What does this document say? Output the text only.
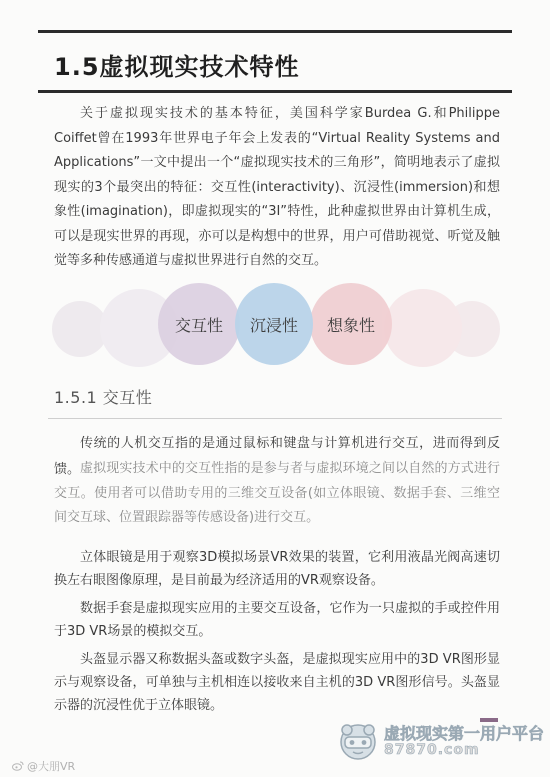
1.5虚拟现实技术特性

关于虚拟现实技术的基本特征，美国科学家Burdea G.和Philippe Coiffet曾在1993年世界电子年会上发表的“Virtual Reality Systems and Applications”一文中提出一个“虚拟现实技术的三角形”，简明地表示了虚拟现实的3个最突出的特征：交互性(interactivity)、沉浸性(immersion)和想象性(imagination)，即虚拟现实的“3I”特性，此种虚拟世界由计算机生成，可以是现实世界的再现，亦可以是构想中的世界，用户可借助视觉、听觉及触觉等多种传感通道与虚拟世界进行自然的交互。

交互性	想象性
沉浸性
1.5.1 交互性

传统的人机交互指的是通过鼠标和键盘与计算机进行交互，进而得到反馈。 虚拟现实技术中的交互性指的是参与者与虚拟环境之间以自然的方式进行交互。使用者可以借助专用的三维交互设备(如立体眼镜、数据手套、三维空间交互球、位置跟踪器等传感设备)进行交互。

立体眼镜是用于观察3D模拟场景VR效果的装置，它利用液晶光阀高速切换左右眼图像原理，是目前最为经济适用的VR观察设备。

数据手套是虚拟现实应用的主要交互设备，它作为一只虚拟的手或控件用于3D VR场景的模拟交互。

头盔显示器又称数据头盔或数字头盔，是虚拟现实应用中的3D VR图形显示与观察设备，可单独与主机相连以接收来自主机的3D VR图形信号。头盔显示器的沉浸性优于立体眼镜。

@大朋VR
虚拟现实第一用户平台
87870.com
